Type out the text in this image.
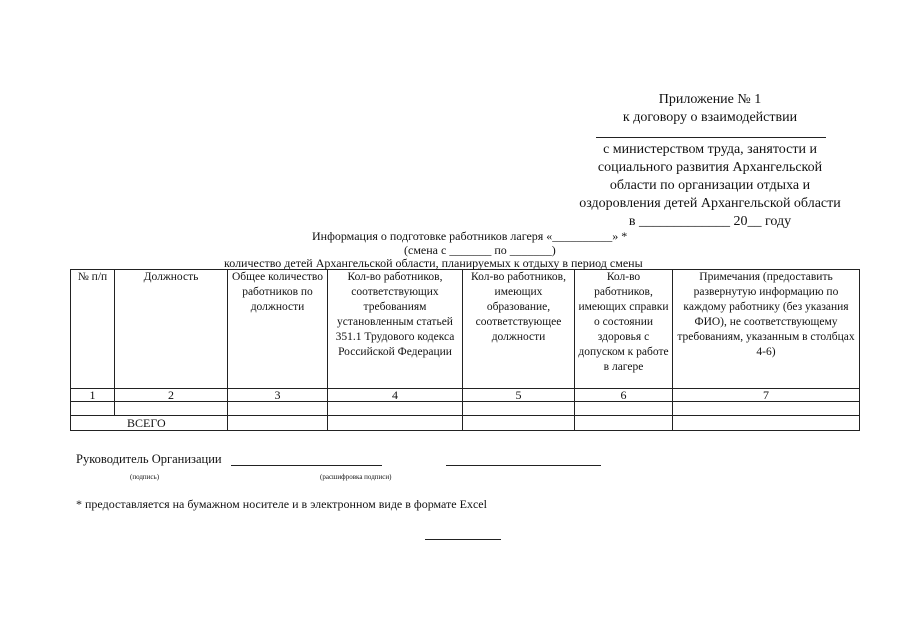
Приложение № 1
к договору о взаимодействии
с министерством труда, занятости и
социального развития Архангельской
области по организации отдыха и
оздоровления детей Архангельской области
в _____________ 20__ году
Информация о подготовке работников лагеря «__________» *
(смена с _______ по _______)
количество детей Архангельской области, планируемых к отдыху в период смены
№ п/п	Должность	Общее количество работников по должности	Кол-во работников, соответствующих требованиям установленным статьей 351.1 Трудового кодекса Российской Федерации	Кол-во работников, имеющих образование, соответствующее должности	Кол-во работников, имеющих справки о состоянии здоровья с допуском к работе в лагере	Примечания (предоставить развернутую информацию по каждому работнику (без указания ФИО), не соответствующему требованиям, указанным в столбцах 4-6)
1	2	3	4	5	6	7

ВСЕГО						
Руководитель Организации
(подпись)	(расшифровка подписи)
* предоставляется на бумажном носителе и в электронном виде в формате Excel
